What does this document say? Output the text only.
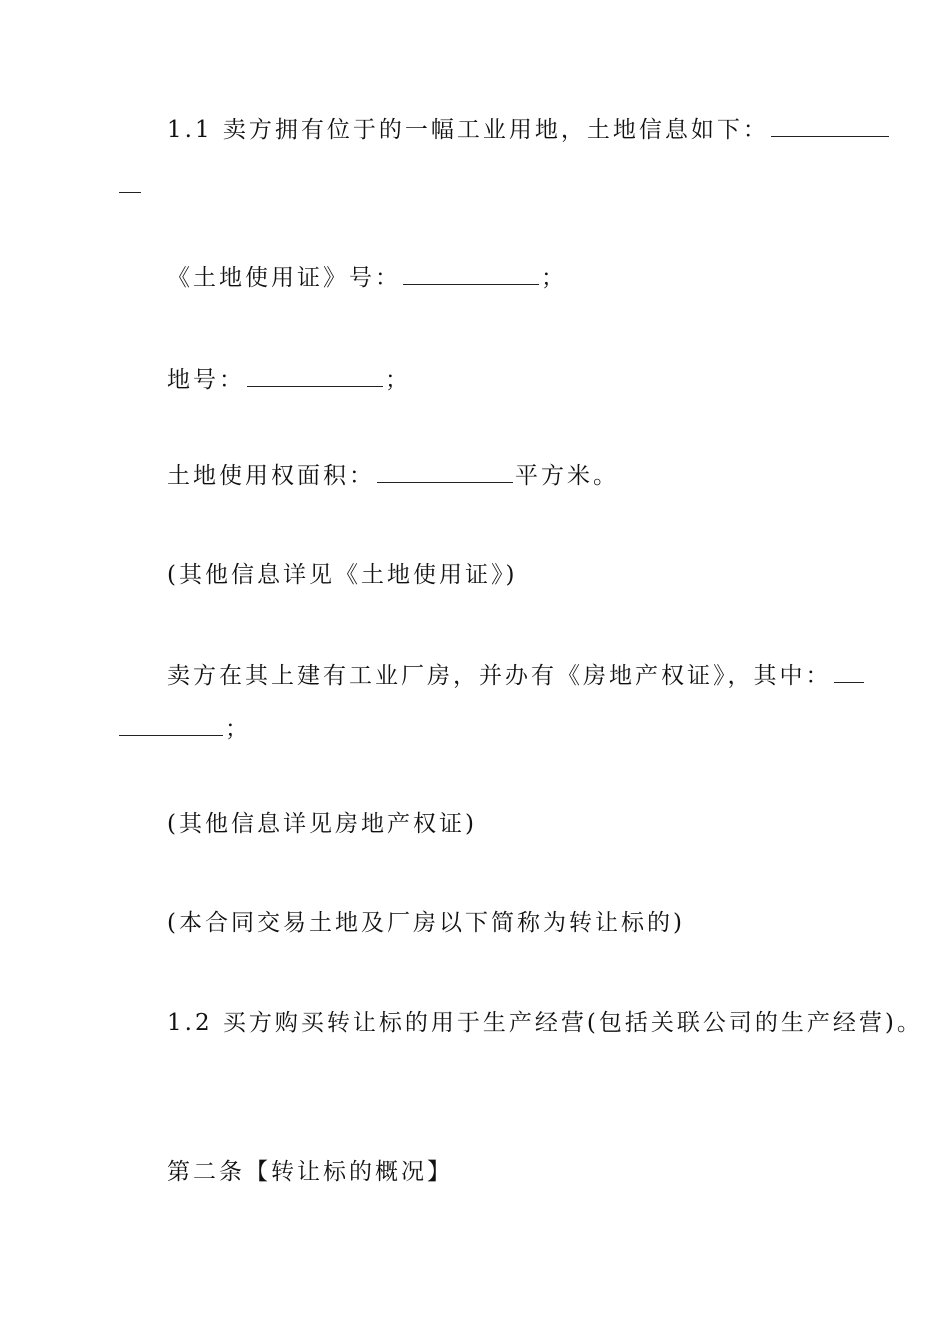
1.1 卖方拥有位于的一幅工业用地，土地信息如下：
《土地使用证》号：	；
地号：	；
土地使用权面积：	平方米。
(其他信息详见《土地使用证》)
卖方在其上建有工业厂房，并办有《房地产权证》，其中：
；
(其他信息详见房地产权证)
(本合同交易土地及厂房以下简称为转让标的)
1.2 买方购买转让标的用于生产经营(包括关联公司的生产经营)。
第二条【转让标的概况】
